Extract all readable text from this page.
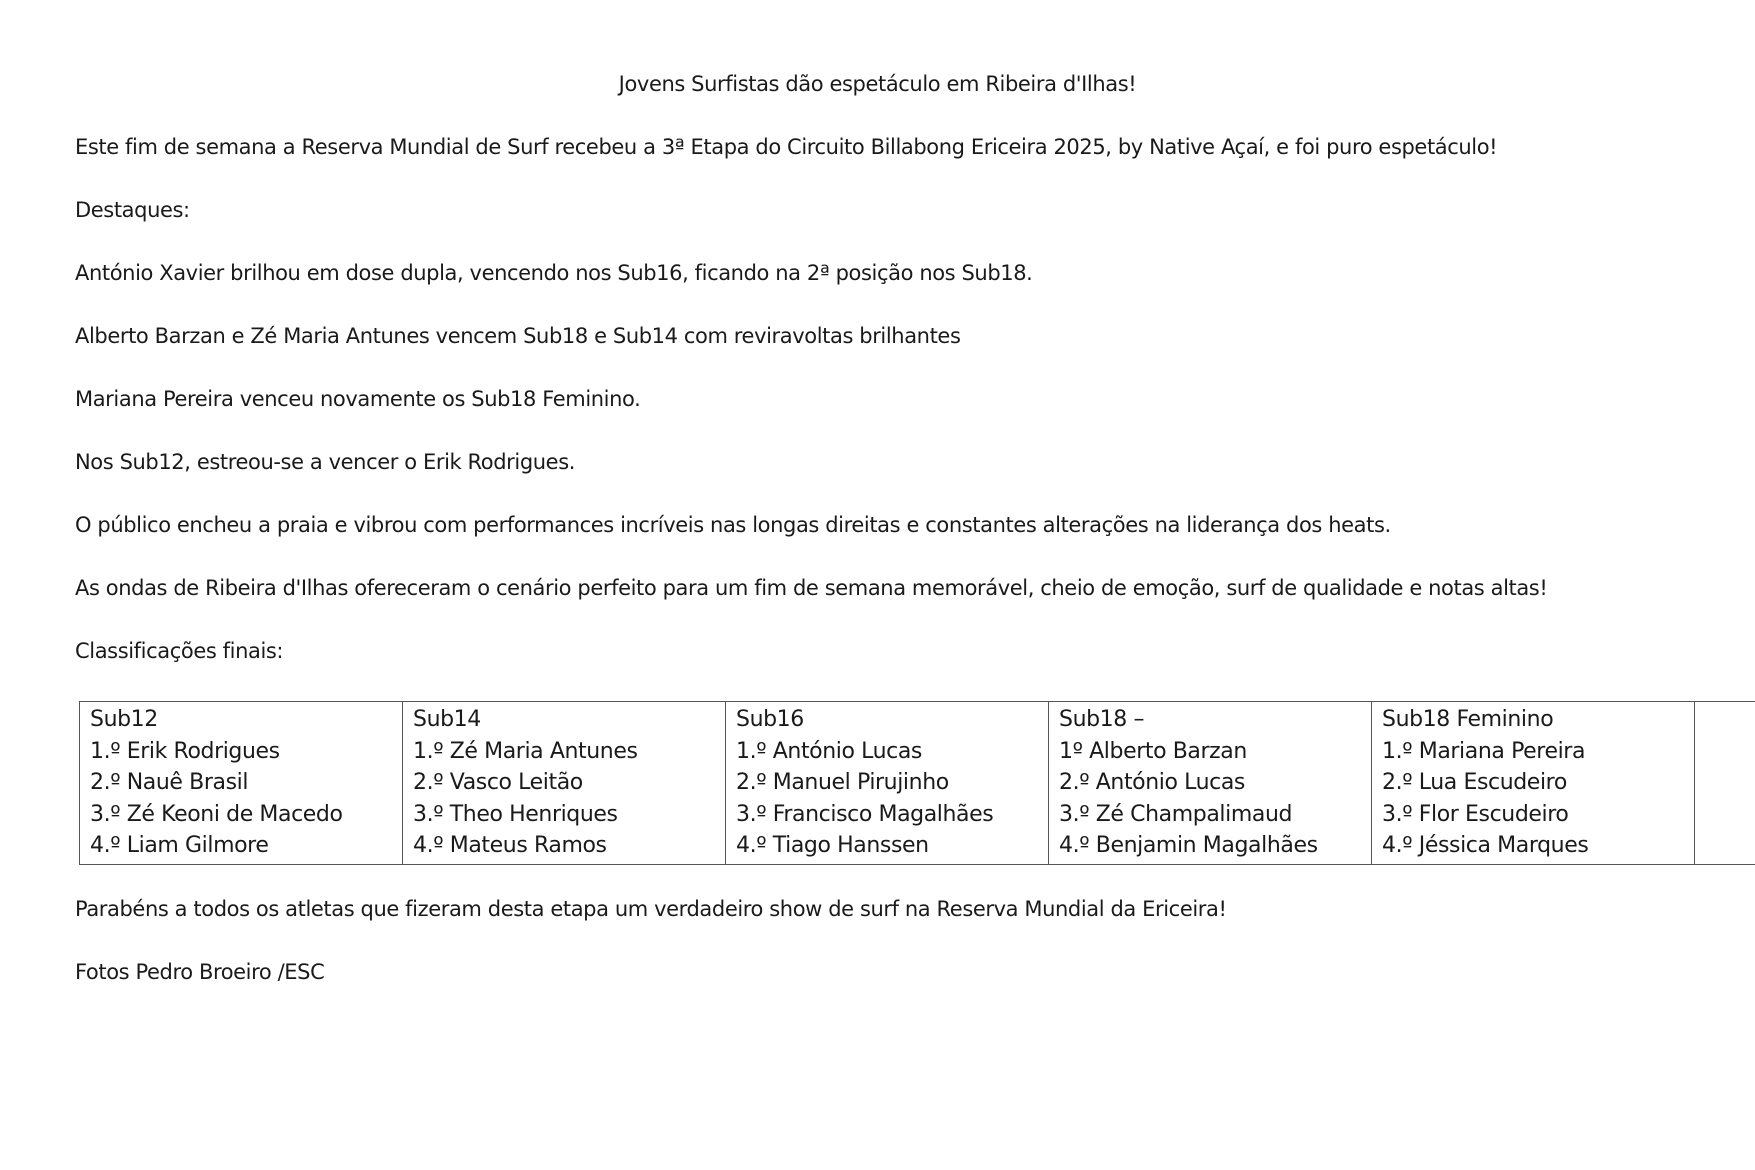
Jovens Surfistas dão espetáculo em Ribeira d'Ilhas!
Este fim de semana a Reserva Mundial de Surf recebeu a 3ª Etapa do Circuito Billabong Ericeira 2025, by Native Açaí, e foi puro espetáculo!
Destaques:
António Xavier brilhou em dose dupla, vencendo nos Sub16, ficando na 2ª posição nos Sub18.
Alberto Barzan e Zé Maria Antunes vencem Sub18 e Sub14 com reviravoltas brilhantes
Mariana Pereira venceu novamente os Sub18 Feminino.
Nos Sub12, estreou-se a vencer o Erik Rodrigues.
O público encheu a praia e vibrou com performances incríveis nas longas direitas e constantes alterações na liderança dos heats.
As ondas de Ribeira d'Ilhas ofereceram o cenário perfeito para um fim de semana memorável, cheio de emoção, surf de qualidade e notas altas!
Classificações finais:
Sub12
1.º Erik Rodrigues
2.º Nauê Brasil
3.º Zé Keoni de Macedo
4.º Liam Gilmore

Sub14
1.º Zé Maria Antunes
2.º Vasco Leitão
3.º Theo Henriques
4.º Mateus Ramos

Sub16
1.º António Lucas
2.º Manuel Pirujinho
3.º Francisco Magalhães
4.º Tiago Hanssen

Sub18 –
1º Alberto Barzan
2.º António Lucas
3.º Zé Champalimaud
4.º Benjamin Magalhães

Sub18 Feminino
1.º Mariana Pereira
2.º Lua Escudeiro
3.º Flor Escudeiro
4.º Jéssica Marques

Parabéns a todos os atletas que fizeram desta etapa um verdadeiro show de surf na Reserva Mundial da Ericeira!
Fotos Pedro Broeiro /ESC
